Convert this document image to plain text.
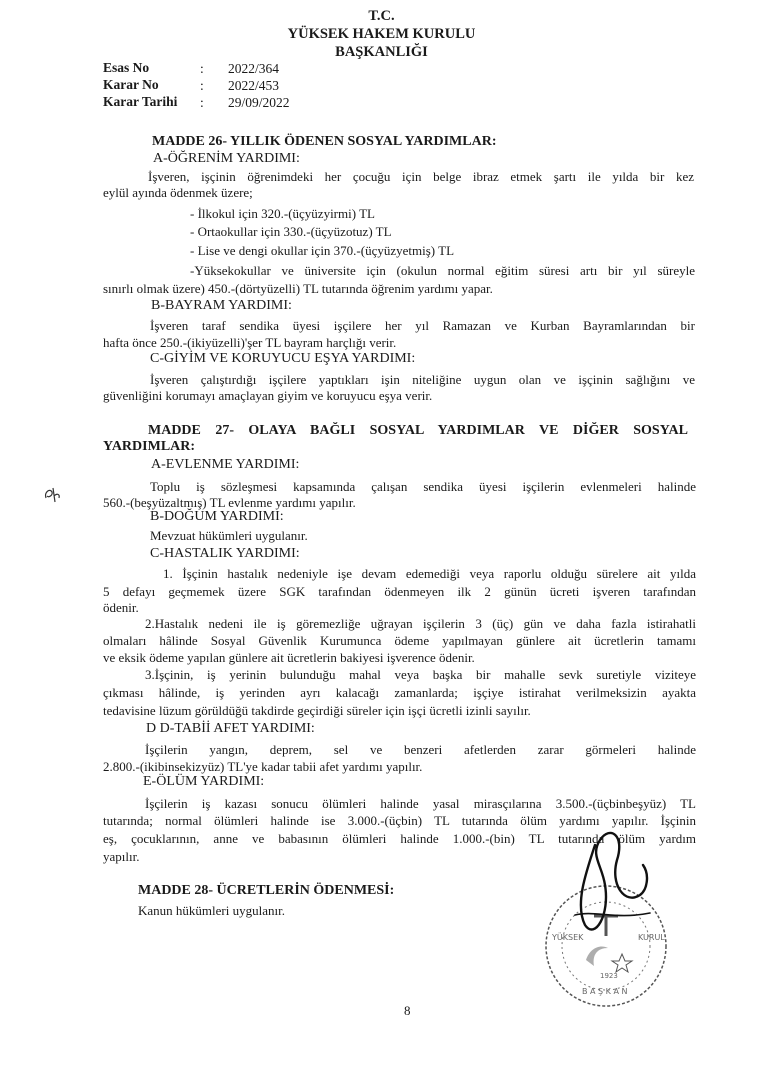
T.C.
YÜKSEK HAKEM KURULU
BAŞKANLIĞI
Esas No	: 2022/364
Karar No	: 2022/453
Karar Tarihi : 29/09/2022
MADDE 26- YILLIK ÖDENEN SOSYAL YARDIMLAR:
A-ÖĞRENİM YARDIMI:
İşveren, işçinin öğrenimdeki her çocuğu için belge ibraz etmek şartı ile yılda bir kez
eylül ayında ödenmek üzere;
- İlkokul için 320.-(üçyüzyirmi) TL
- Ortaokullar için 330.-(üçyüzotuz) TL
- Lise ve dengi okullar için 370.-(üçyüzyetmiş) TL
-Yüksekokullar ve üniversite için (okulun normal eğitim süresi artı bir yıl süreyle
sınırlı olmak üzere) 450.-(dörtyüzelli) TL tutarında öğrenim yardımı yapar.
B-BAYRAM YARDIMI:
İşveren taraf sendika üyesi işçilere her yıl Ramazan ve Kurban Bayramlarından bir
hafta önce 250.-(ikiyüzelli)'şer TL bayram harçlığı verir.
C-GİYİM VE KORUYUCU EŞYA YARDIMI:
İşveren çalıştırdığı işçilere yaptıkları işin niteliğine uygun olan ve işçinin sağlığını ve
güvenliğini korumayı amaçlayan giyim ve koruyucu eşya verir.
MADDE 27- OLAYA BAĞLI SOSYAL YARDIMLAR VE DİĞER SOSYAL
YARDIMLAR:
A-EVLENME YARDIMI:
Toplu iş sözleşmesi kapsamında çalışan sendika üyesi işçilerin evlenmeleri halinde
560.-(beşyüzaltmış) TL evlenme yardımı yapılır.
B-DOĞUM YARDIMI:
Mevzuat hükümleri uygulanır.
C-HASTALIK YARDIMI:
1. İşçinin hastalık nedeniyle işe devam edemediği veya raporlu olduğu sürelere ait yılda
5 defayı geçmemek üzere SGK tarafından ödenmeyen ilk 2 günün ücreti işveren tarafından
ödenir.
2.Hastalık nedeni ile iş göremezliğe uğrayan işçilerin 3 (üç) gün ve daha fazla istirahatli
olmaları hâlinde Sosyal Güvenlik Kurumunca ödeme yapılmayan günlere ait ücretlerin tamamı
ve eksik ödeme yapılan günlere ait ücretlerin bakiyesi işverence ödenir.
3.İşçinin, iş yerinin bulunduğu mahal veya başka bir mahalle sevk suretiyle viziteye
çıkması hâlinde, iş yerinden ayrı kalacağı zamanlarda; işçiye istirahat verilmeksizin ayakta
tedavisine lüzum görüldüğü takdirde geçirdiği süreler için işçi ücretli izinli sayılır.
D D-TABİİ AFET YARDIMI:
İşçilerin yangın, deprem, sel ve benzeri afetlerden zarar görmeleri halinde
2.800.-(ikibinsekizyüz) TL'ye kadar tabii afet yardımı yapılır.
E-ÖLÜM YARDIMI:
İşçilerin iş kazası sonucu ölümleri halinde yasal mirasçılarına 3.500.-(üçbinbeşyüz) TL
tutarında; normal ölümleri halinde ise 3.000.-(üçbin) TL tutarında ölüm yardımı yapılır. İşçinin
eş, çocuklarının, anne ve babasının ölümleri halinde 1.000.-(bin) TL tutarında ölüm yardım
yapılır.
MADDE 28- ÜCRETLERİN ÖDENMESİ:
Kanun hükümleri uygulanır.
8
YÜKSEK	KURUL
B A Ş K A N
1923
